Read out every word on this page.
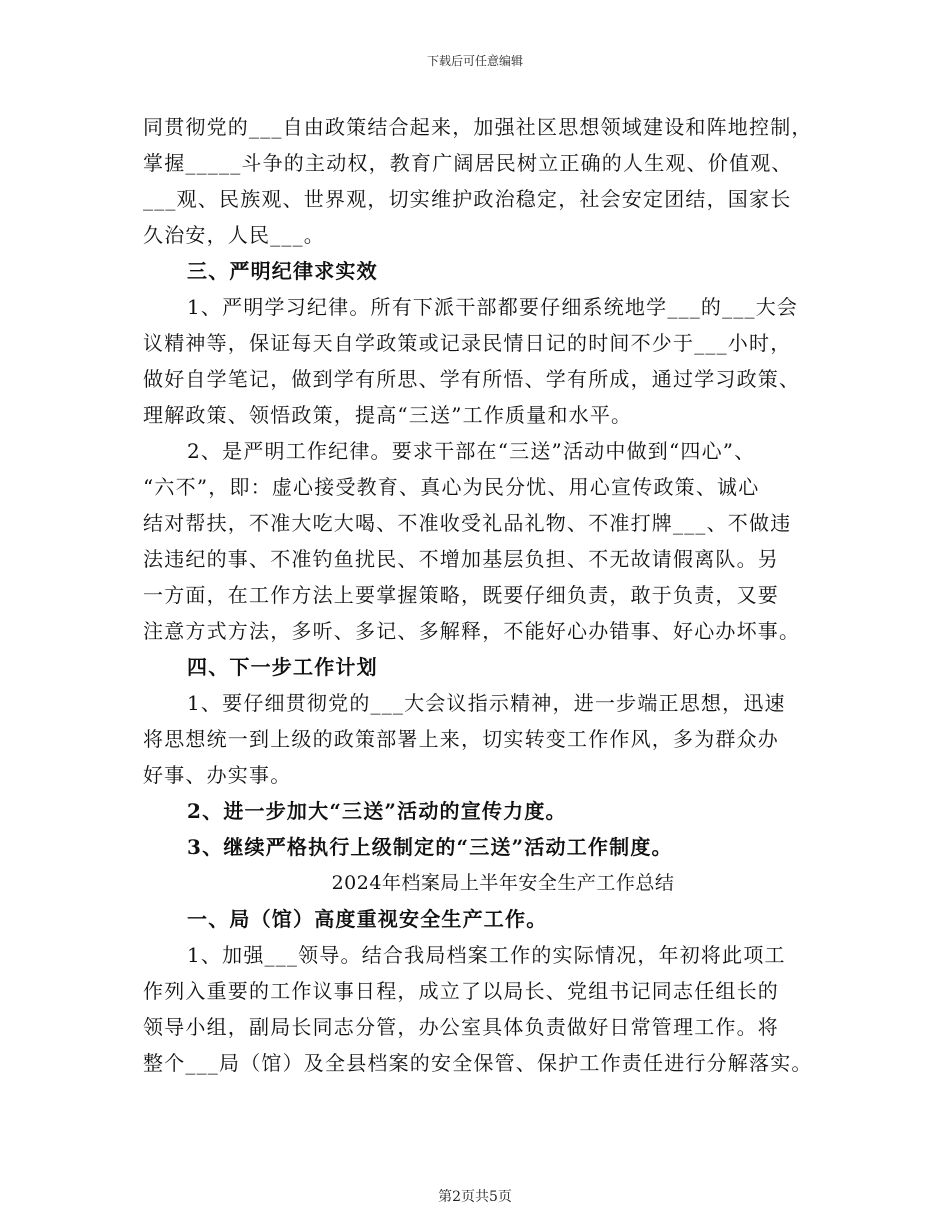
下载后可任意编辑
同贯彻党的___自由政策结合起来，加强社区思想领域建设和阵地控制，
掌握_____斗争的主动权，教育广阔居民树立正确的人生观、价值观、
___观、民族观、世界观，切实维护政治稳定，社会安定团结，国家长
久治安，人民___。
三、严明纪律求实效
1、严明学习纪律。所有下派干部都要仔细系统地学___的___大会
议精神等，保证每天自学政策或记录民情日记的时间不少于___小时，
做好自学笔记，做到学有所思、学有所悟、学有所成，通过学习政策、
理解政策、领悟政策，提高“三送”工作质量和水平。
2、是严明工作纪律。要求干部在“三送”活动中做到“四心”、
“六不”，即：虚心接受教育、真心为民分忧、用心宣传政策、诚心
结对帮扶，不准大吃大喝、不准收受礼品礼物、不准打牌___、不做违
法违纪的事、不准钓鱼扰民、不增加基层负担、不无故请假离队。另
一方面，在工作方法上要掌握策略，既要仔细负责，敢于负责，又要
注意方式方法，多听、多记、多解释，不能好心办错事、好心办坏事。
四、下一步工作计划
1、要仔细贯彻党的___大会议指示精神，进一步端正思想，迅速
将思想统一到上级的政策部署上来，切实转变工作作风，多为群众办
好事、办实事。
2、进一步加大“三送”活动的宣传力度。
3、继续严格执行上级制定的“三送”活动工作制度。
2024年档案局上半年安全生产工作总结
一、局（馆）高度重视安全生产工作。
1、加强___领导。结合我局档案工作的实际情况，年初将此项工
作列入重要的工作议事日程，成立了以局长、党组书记同志任组长的
领导小组，副局长同志分管，办公室具体负责做好日常管理工作。将
整个___局（馆）及全县档案的安全保管、保护工作责任进行分解落实。
第2页共5页
